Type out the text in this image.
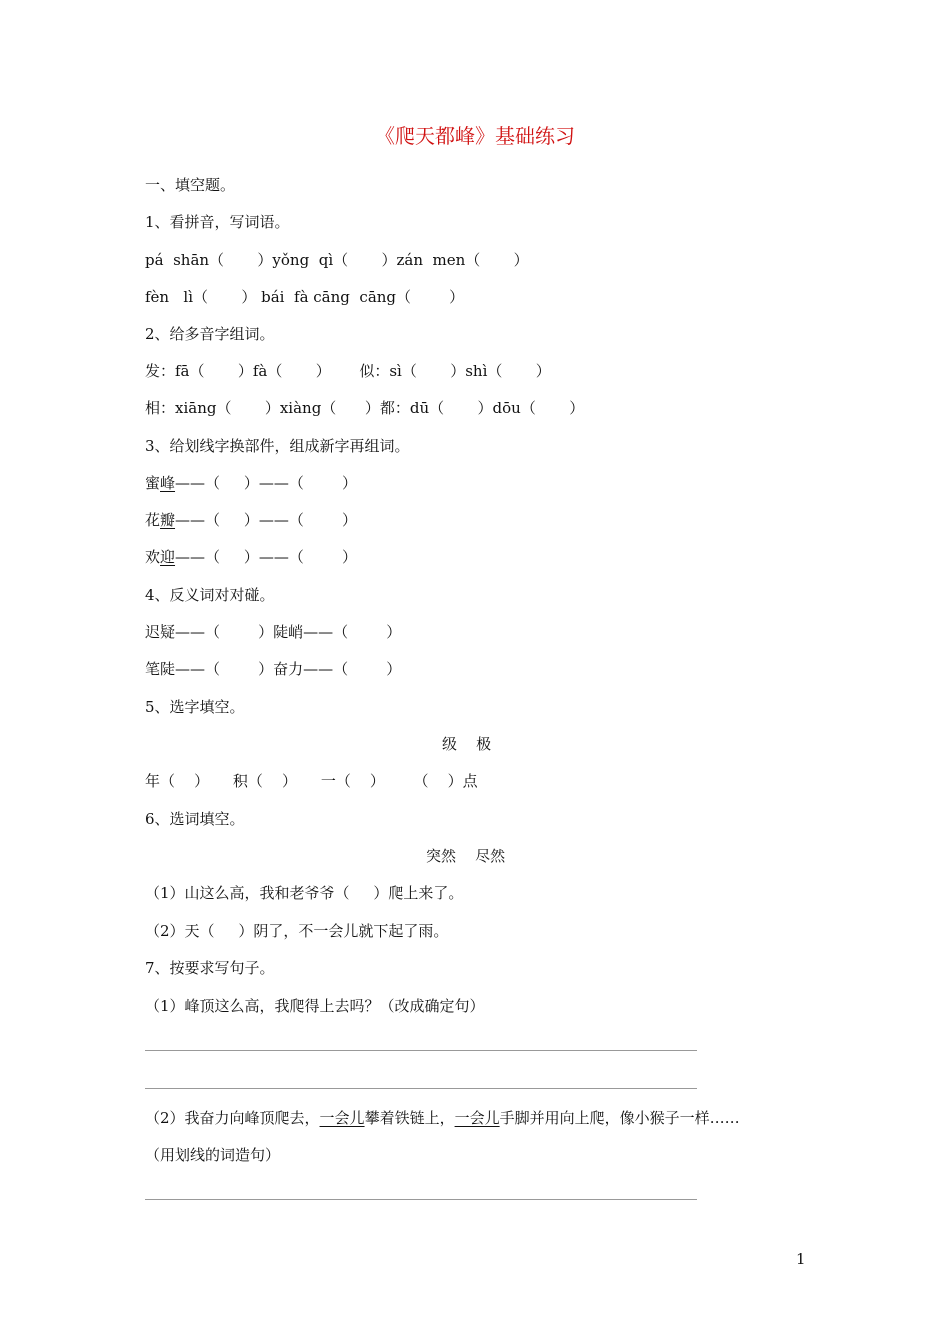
《爬天都峰》基础练习
一、填空题。
1、看拼音，写词语。
pá  shān（       ）yǒng  qì（       ）zán  men（       ）
fèn   lì（       ） bái  fà cāng  cāng（        ）
2、给多音字组词。
发：fā（       ）fà（       ）      似：sì（       ）shì（       ）
相：xiāng（       ）xiàng（      ）都：dū（       ）dōu（       ）
3、给划线字换部件，组成新字再组词。
蜜峰——（     ）——（        ）
花瓣——（     ）——（        ）
欢迎——（     ）——（        ）
4、反义词对对碰。
迟疑——（        ）陡峭——（        ）
笔陡——（        ）奋力——（        ）
5、选字填空。
级    极
年（    ）     积（    ）     一（    ）      （    ）点
6、选词填空。
突然    尽然
（1）山这么高，我和老爷爷（     ）爬上来了。
（2）天（     ）阴了，不一会儿就下起了雨。
7、按要求写句子。
（1）峰顶这么高，我爬得上去吗？（改成确定句）
（2）我奋力向峰顶爬去，一会儿攀着铁链上，一会儿手脚并用向上爬，像小猴子一样……
（用划线的词造句）
1
